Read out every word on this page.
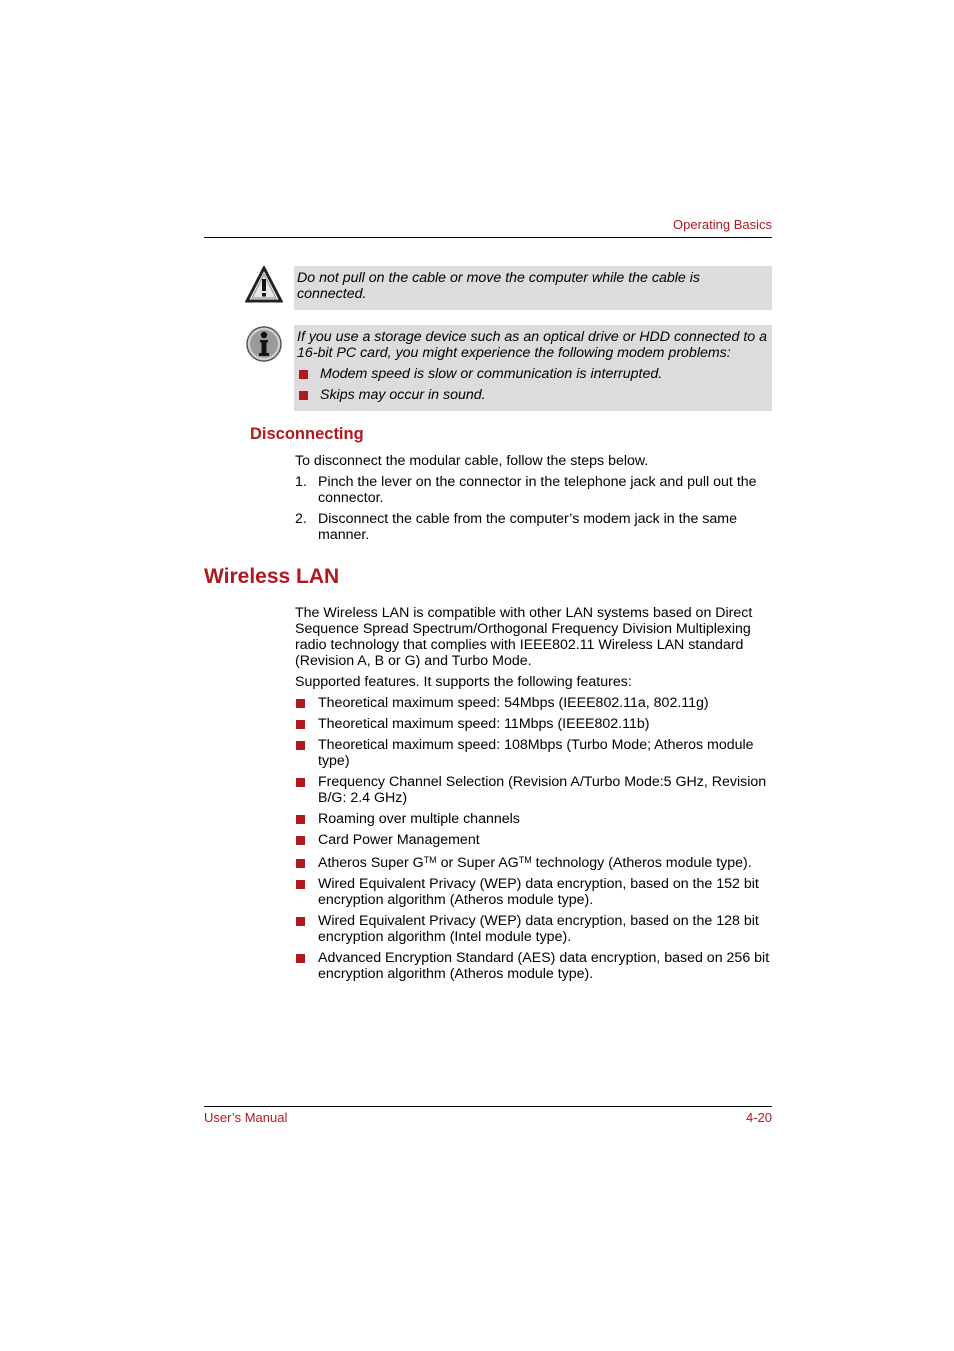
Operating Basics
Do not pull on the cable or move the computer while the cable is connected.
If you use a storage device such as an optical drive or HDD connected to a 16-bit PC card, you might experience the following modem problems:
Modem speed is slow or communication is interrupted.
Skips may occur in sound.
Disconnecting
To disconnect the modular cable, follow the steps below.
1. Pinch the lever on the connector in the telephone jack and pull out the connector.
2. Disconnect the cable from the computer’s modem jack in the same manner.
Wireless LAN
The Wireless LAN is compatible with other LAN systems based on Direct Sequence Spread Spectrum/Orthogonal Frequency Division Multiplexing radio technology that complies with IEEE802.11 Wireless LAN standard (Revision A, B or G) and Turbo Mode.
Supported features. It supports the following features:
Theoretical maximum speed: 54Mbps (IEEE802.11a, 802.11g)
Theoretical maximum speed: 11Mbps (IEEE802.11b)
Theoretical maximum speed: 108Mbps (Turbo Mode; Atheros module type)
Frequency Channel Selection (Revision A/Turbo Mode:5 GHz, Revision B/G: 2.4 GHz)
Roaming over multiple channels
Card Power Management
Atheros Super G™ or Super AG™ technology (Atheros module type).
Wired Equivalent Privacy (WEP) data encryption, based on the 152 bit encryption algorithm (Atheros module type).
Wired Equivalent Privacy (WEP) data encryption, based on the 128 bit encryption algorithm (Intel module type).
Advanced Encryption Standard (AES) data encryption, based on 256 bit encryption algorithm (Atheros module type).
User’s Manual	4-20
